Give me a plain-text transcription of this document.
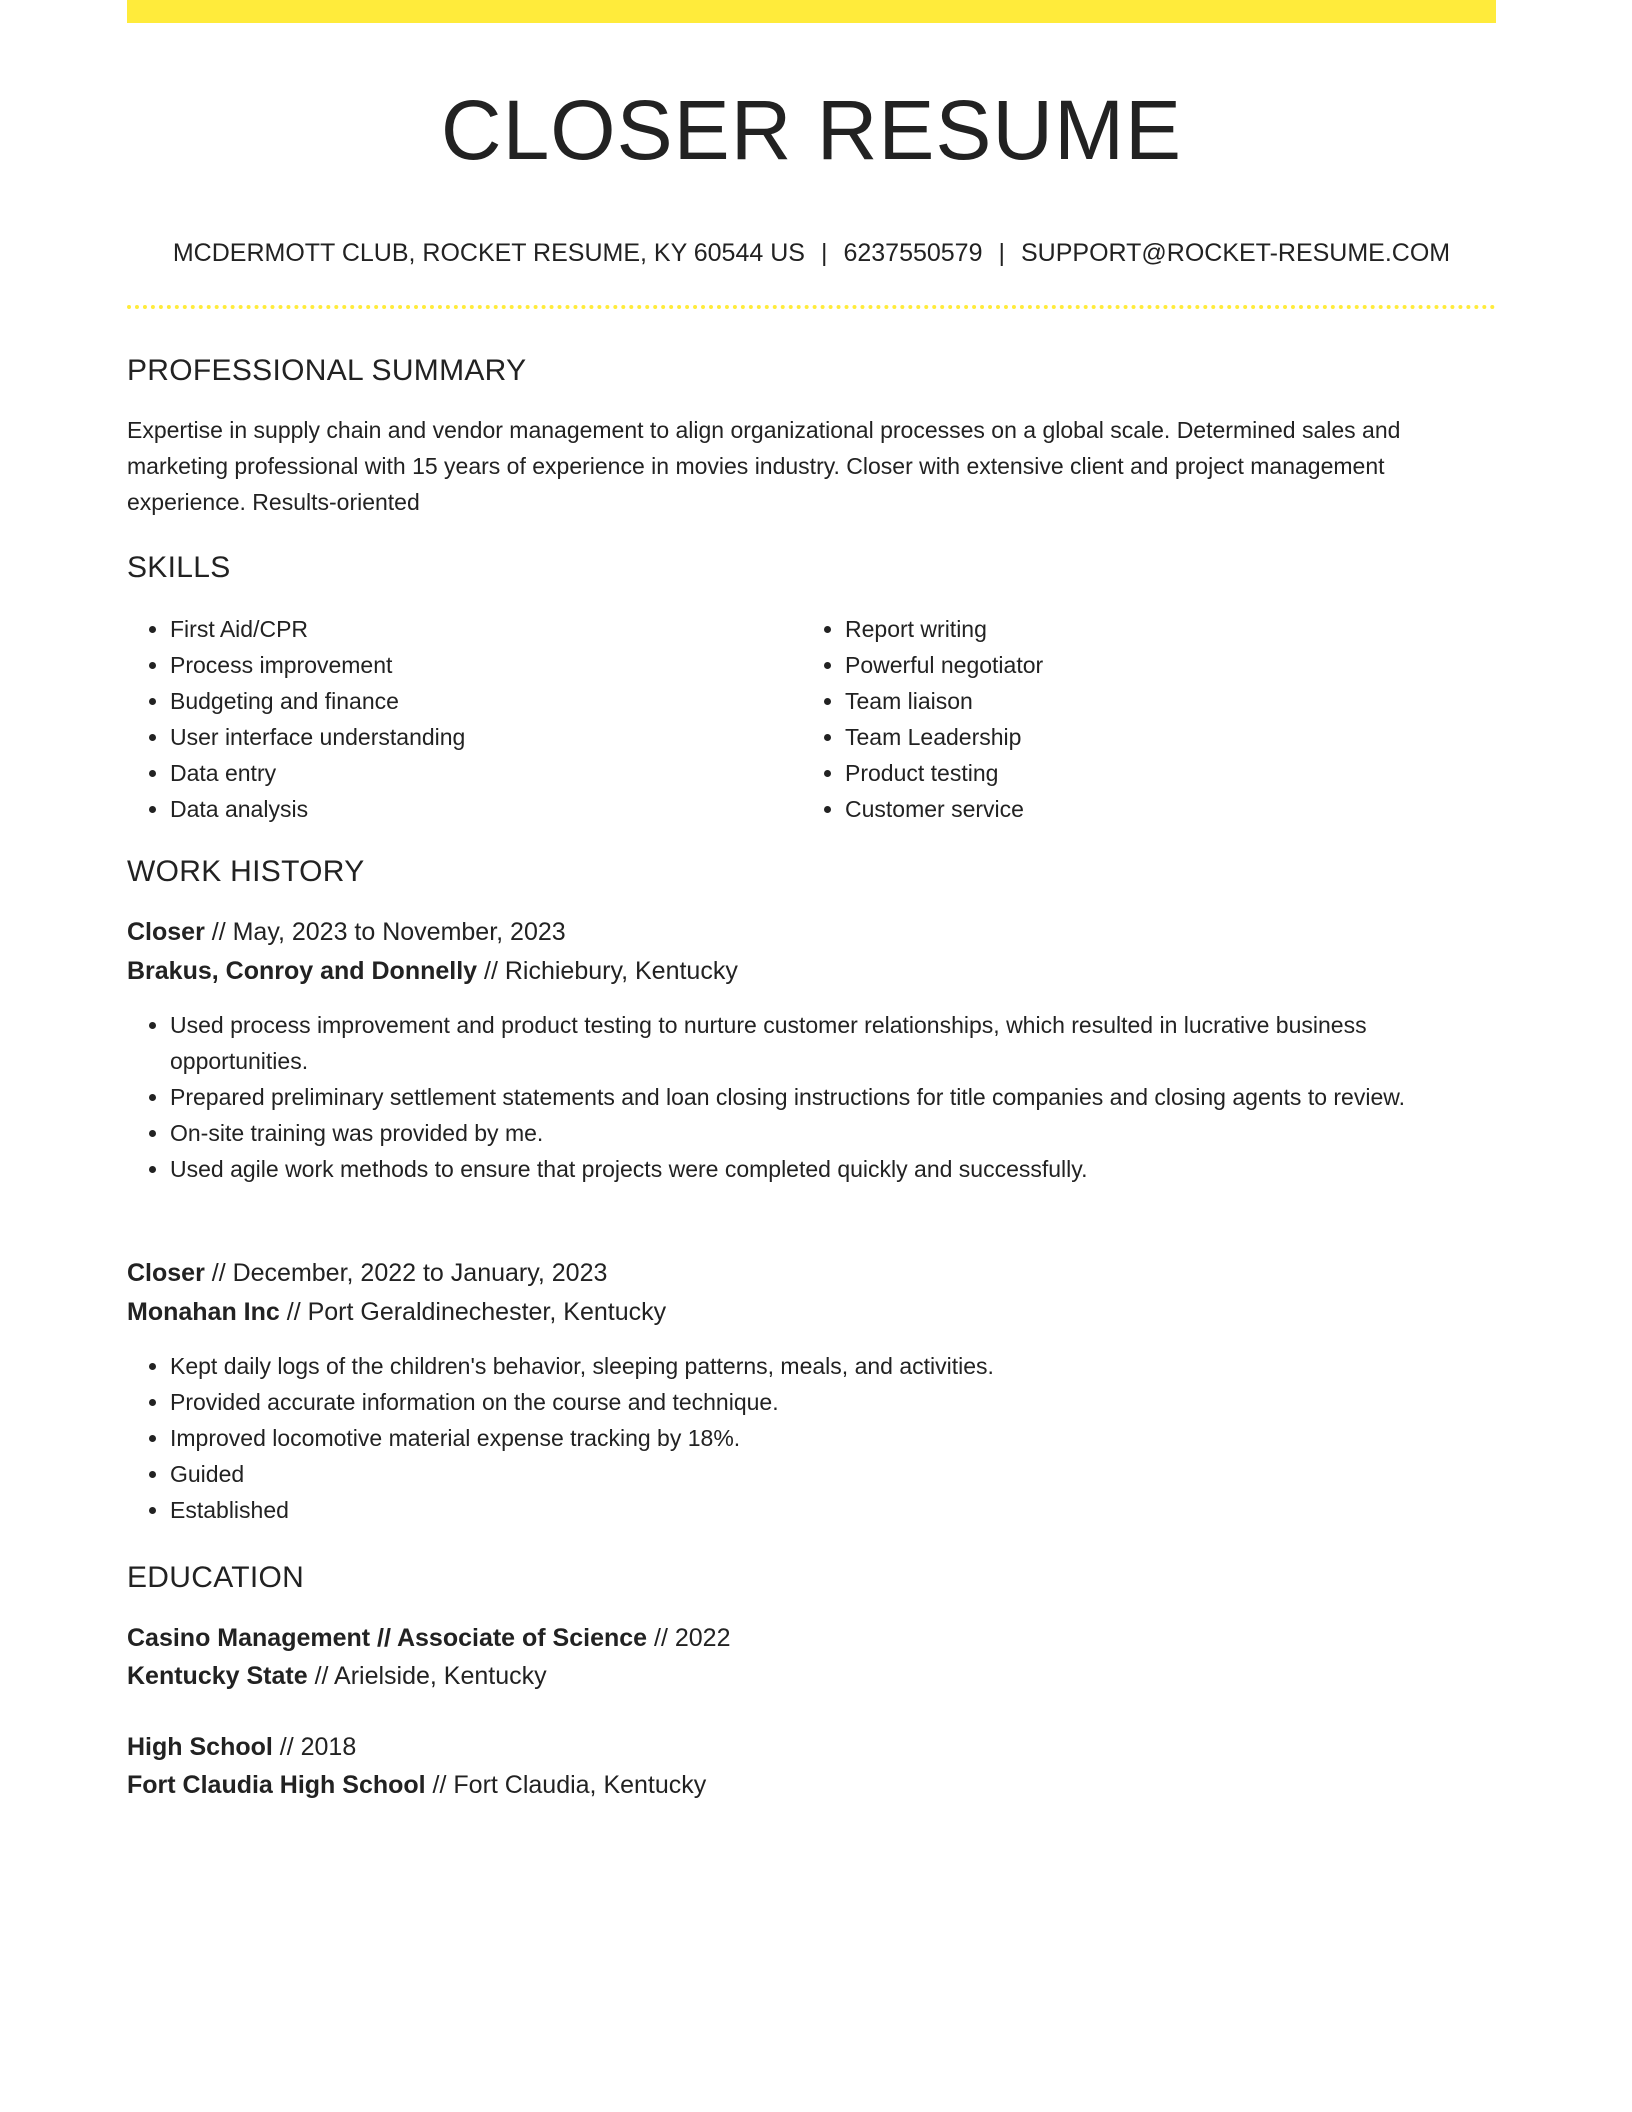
CLOSER RESUME
MCDERMOTT CLUB, ROCKET RESUME, KY 60544 US | 6237550579 | SUPPORT@ROCKET-RESUME.COM
PROFESSIONAL SUMMARY

Expertise in supply chain and vendor management to align organizational processes on a global scale. Determined sales and marketing professional with 15 years of experience in movies industry. Closer with extensive client and project management experience. Results-oriented

SKILLS
• First Aid/CPR
• Process improvement
• Budgeting and finance
• User interface understanding
• Data entry
• Data analysis
• Report writing
• Powerful negotiator
• Team liaison
• Team Leadership
• Product testing
• Customer service
WORK HISTORY
Closer // May, 2023 to November, 2023
Brakus, Conroy and Donnelly // Richiebury, Kentucky
• Used process improvement and product testing to nurture customer relationships, which resulted in lucrative business opportunities.
• Prepared preliminary settlement statements and loan closing instructions for title companies and closing agents to review.
• On-site training was provided by me.
• Used agile work methods to ensure that projects were completed quickly and successfully.
Closer // December, 2022 to January, 2023
Monahan Inc // Port Geraldinechester, Kentucky
• Kept daily logs of the children's behavior, sleeping patterns, meals, and activities.
• Provided accurate information on the course and technique.
• Improved locomotive material expense tracking by 18%.
• Guided
• Established
EDUCATION
Casino Management // Associate of Science // 2022
Kentucky State // Arielside, Kentucky
High School // 2018
Fort Claudia High School // Fort Claudia, Kentucky
